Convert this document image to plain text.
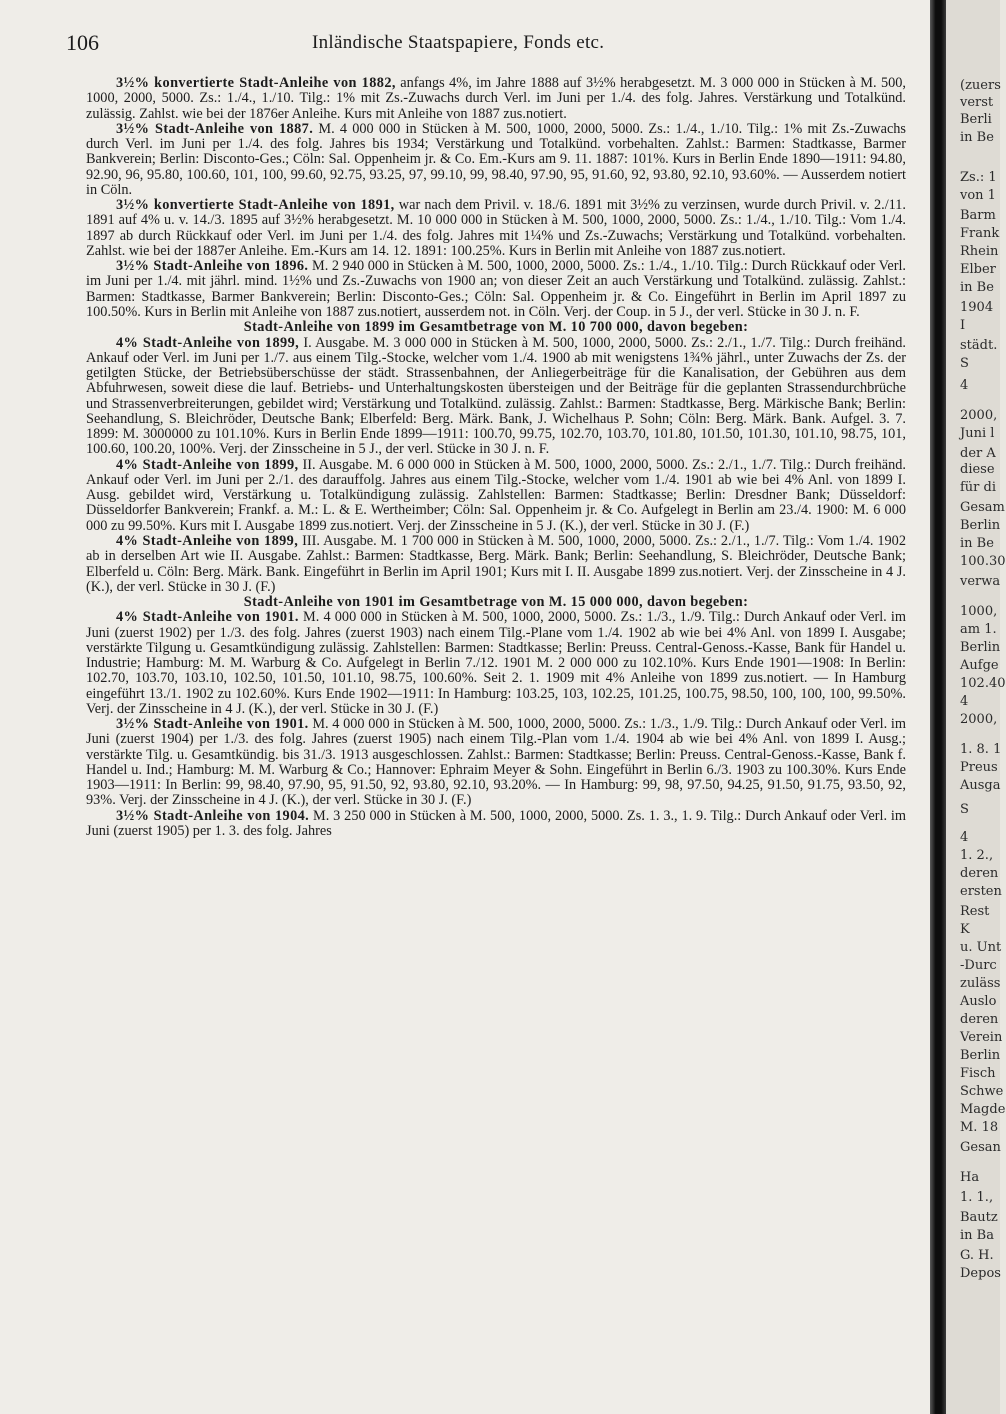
106	Inländische Staatspapiere, Fonds etc.

3½% konvertierte Stadt-Anleihe von 1882, anfangs 4%, im Jahre 1888 auf 3½% herabgesetzt. M. 3 000 000 in Stücken à M. 500, 1000, 2000, 5000. Zs.: 1./4., 1./10. Tilg.: 1% mit Zs.-Zuwachs durch Verl. im Juni per 1./4. des folg. Jahres. Verstärkung und Totalkünd. zulässig. Zahlst. wie bei der 1876er Anleihe. Kurs mit Anleihe von 1887 zus.notiert.

3½% Stadt-Anleihe von 1887. M. 4 000 000 in Stücken à M. 500, 1000, 2000, 5000. Zs.: 1./4., 1./10. Tilg.: 1% mit Zs.-Zuwachs durch Verl. im Juni per 1./4. des folg. Jahres bis 1934; Verstärkung und Totalkünd. vorbehalten. Zahlst.: Barmen: Stadtkasse, Barmer Bankverein; Berlin: Disconto-Ges.; Cöln: Sal. Oppenheim jr. & Co. Em.-Kurs am 9. 11. 1887: 101%. Kurs in Berlin Ende 1890—1911: 94.80, 92.90, 96, 95.80, 100.60, 101, 100, 99.60, 92.75, 93.25, 97, 99.10, 99, 98.40, 97.90, 95, 91.60, 92, 93.80, 92.10, 93.60%. — Ausserdem notiert in Cöln.

3½% konvertierte Stadt-Anleihe von 1891, war nach dem Privil. v. 18./6. 1891 mit 3½% zu verzinsen, wurde durch Privil. v. 2./11. 1891 auf 4% u. v. 14./3. 1895 auf 3½% herabgesetzt. M. 10 000 000 in Stücken à M. 500, 1000, 2000, 5000. Zs.: 1./4., 1./10. Tilg.: Vom 1./4. 1897 ab durch Rückkauf oder Verl. im Juni per 1./4. des folg. Jahres mit 1¼% und Zs.-Zuwachs; Verstärkung und Totalkünd. vorbehalten. Zahlst. wie bei der 1887er Anleihe. Em.-Kurs am 14. 12. 1891: 100.25%. Kurs in Berlin mit Anleihe von 1887 zus.notiert.

3½% Stadt-Anleihe von 1896. M. 2 940 000 in Stücken à M. 500, 1000, 2000, 5000. Zs.: 1./4., 1./10. Tilg.: Durch Rückkauf oder Verl. im Juni per 1./4. mit jährl. mind. 1½% und Zs.-Zuwachs von 1900 an; von dieser Zeit an auch Verstärkung und Totalkünd. zulässig. Zahlst.: Barmen: Stadtkasse, Barmer Bankverein; Berlin: Disconto-Ges.; Cöln: Sal. Oppenheim jr. & Co. Eingeführt in Berlin im April 1897 zu 100.50%. Kurs in Berlin mit Anleihe von 1887 zus.notiert, ausserdem not. in Cöln. Verj. der Coup. in 5 J., der verl. Stücke in 30 J. n. F.

Stadt-Anleihe von 1899 im Gesamtbetrage von M. 10 700 000, davon begeben:

4% Stadt-Anleihe von 1899, I. Ausgabe. M. 3 000 000 in Stücken à M. 500, 1000, 2000, 5000. Zs.: 2./1., 1./7. Tilg.: Durch freihänd. Ankauf oder Verl. im Juni per 1./7. aus einem Tilg.-Stocke, welcher vom 1./4. 1900 ab mit wenigstens 1¾% jährl., unter Zuwachs der Zs. der getilgten Stücke, der Betriebsüberschüsse der städt. Strassenbahnen, der Anliegerbeiträge für die Kanalisation, der Gebühren aus dem Abfuhrwesen, soweit diese die lauf. Betriebs- und Unterhaltungskosten übersteigen und der Beiträge für die geplanten Strassendurchbrüche und Strassenverbreiterungen, gebildet wird; Verstärkung und Totalkünd. zulässig. Zahlst.: Barmen: Stadtkasse, Berg. Märkische Bank; Berlin: Seehandlung, S. Bleichröder, Deutsche Bank; Elberfeld: Berg. Märk. Bank, J. Wichelhaus P. Sohn; Cöln: Berg. Märk. Bank. Aufgel. 3. 7. 1899: M. 3000000 zu 101.10%. Kurs in Berlin Ende 1899—1911: 100.70, 99.75, 102.70, 103.70, 101.80, 101.50, 101.30, 101.10, 98.75, 101, 100.60, 100.20, 100%. Verj. der Zinsscheine in 5 J., der verl. Stücke in 30 J. n. F.

4% Stadt-Anleihe von 1899, II. Ausgabe. M. 6 000 000 in Stücken à M. 500, 1000, 2000, 5000. Zs.: 2./1., 1./7. Tilg.: Durch freihänd. Ankauf oder Verl. im Juni per 2./1. des darauffolg. Jahres aus einem Tilg.-Stocke, welcher vom 1./4. 1901 ab wie bei 4% Anl. von 1899 I. Ausg. gebildet wird, Verstärkung u. Totalkündigung zulässig. Zahlstellen: Barmen: Stadtkasse; Berlin: Dresdner Bank; Düsseldorf: Düsseldorfer Bankverein; Frankf. a. M.: L. & E. Wertheimber; Cöln: Sal. Oppenheim jr. & Co. Aufgelegt in Berlin am 23./4. 1900: M. 6 000 000 zu 99.50%. Kurs mit I. Ausgabe 1899 zus.notiert. Verj. der Zinsscheine in 5 J. (K.), der verl. Stücke in 30 J. (F.)

4% Stadt-Anleihe von 1899, III. Ausgabe. M. 1 700 000 in Stücken à M. 500, 1000, 2000, 5000. Zs.: 2./1., 1./7. Tilg.: Vom 1./4. 1902 ab in derselben Art wie II. Ausgabe. Zahlst.: Barmen: Stadtkasse, Berg. Märk. Bank; Berlin: Seehandlung, S. Bleichröder, Deutsche Bank; Elberfeld u. Cöln: Berg. Märk. Bank. Eingeführt in Berlin im April 1901; Kurs mit I. II. Ausgabe 1899 zus.notiert. Verj. der Zinsscheine in 4 J. (K.), der verl. Stücke in 30 J. (F.)

Stadt-Anleihe von 1901 im Gesamtbetrage von M. 15 000 000, davon begeben:

4% Stadt-Anleihe von 1901. M. 4 000 000 in Stücken à M. 500, 1000, 2000, 5000. Zs.: 1./3., 1./9. Tilg.: Durch Ankauf oder Verl. im Juni (zuerst 1902) per 1./3. des folg. Jahres (zuerst 1903) nach einem Tilg.-Plane vom 1./4. 1902 ab wie bei 4% Anl. von 1899 I. Ausgabe; verstärkte Tilgung u. Gesamtkündigung zulässig. Zahlstellen: Barmen: Stadtkasse; Berlin: Preuss. Central-Genoss.-Kasse, Bank für Handel u. Industrie; Hamburg: M. M. Warburg & Co. Aufgelegt in Berlin 7./12. 1901 M. 2 000 000 zu 102.10%. Kurs Ende 1901—1908: In Berlin: 102.70, 103.70, 103.10, 102.50, 101.50, 101.10, 98.75, 100.60%. Seit 2. 1. 1909 mit 4% Anleihe von 1899 zus.notiert. — In Hamburg eingeführt 13./1. 1902 zu 102.60%. Kurs Ende 1902—1911: In Hamburg: 103.25, 103, 102.25, 101.25, 100.75, 98.50, 100, 100, 100, 99.50%. Verj. der Zinsscheine in 4 J. (K.), der verl. Stücke in 30 J. (F.)

3½% Stadt-Anleihe von 1901. M. 4 000 000 in Stücken à M. 500, 1000, 2000, 5000. Zs.: 1./3., 1./9. Tilg.: Durch Ankauf oder Verl. im Juni (zuerst 1904) per 1./3. des folg. Jahres (zuerst 1905) nach einem Tilg.-Plan vom 1./4. 1904 ab wie bei 4% Anl. von 1899 I. Ausg.; verstärkte Tilg. u. Gesamtkündig. bis 31./3. 1913 ausgeschlossen. Zahlst.: Barmen: Stadtkasse; Berlin: Preuss. Central-Genoss.-Kasse, Bank f. Handel u. Ind.; Hamburg: M. M. Warburg & Co.; Hannover: Ephraim Meyer & Sohn. Eingeführt in Berlin 6./3. 1903 zu 100.30%. Kurs Ende 1903—1911: In Berlin: 99, 98.40, 97.90, 95, 91.50, 92, 93.80, 92.10, 93.20%. — In Hamburg: 99, 98, 97.50, 94.25, 91.50, 91.75, 93.50, 92, 93%. Verj. der Zinsscheine in 4 J. (K.), der verl. Stücke in 30 J. (F.)

3½% Stadt-Anleihe von 1904. M. 3 250 000 in Stücken à M. 500, 1000, 2000, 5000. Zs. 1. 3., 1. 9. Tilg.: Durch Ankauf oder Verl. im Juni (zuerst 1905) per 1. 3. des folg. Jahres

(zuers
verst
Berli
in Be
Zs.: 1
von 1
Barm
Frank
Rhein
Elber
in Be
1904
I
städt.
S
4
2000,
Juni l
der A
diese
für di
Gesam
Berlin
in Be
100.30
verwa
1000,
am 1.
Berlin
Aufge
102.40
4
2000,
1. 8. 1
Preus
Ausga
S
4
1. 2.,
deren
ersten
Rest
K
u. Unt
-Durc
zuläss
Auslo
deren
Verein
Berlin
Fisch
Schwe
Magde
M. 18
Gesan
Ha
1. 1.,
Bautz
in Ba
G. H.
Depos
